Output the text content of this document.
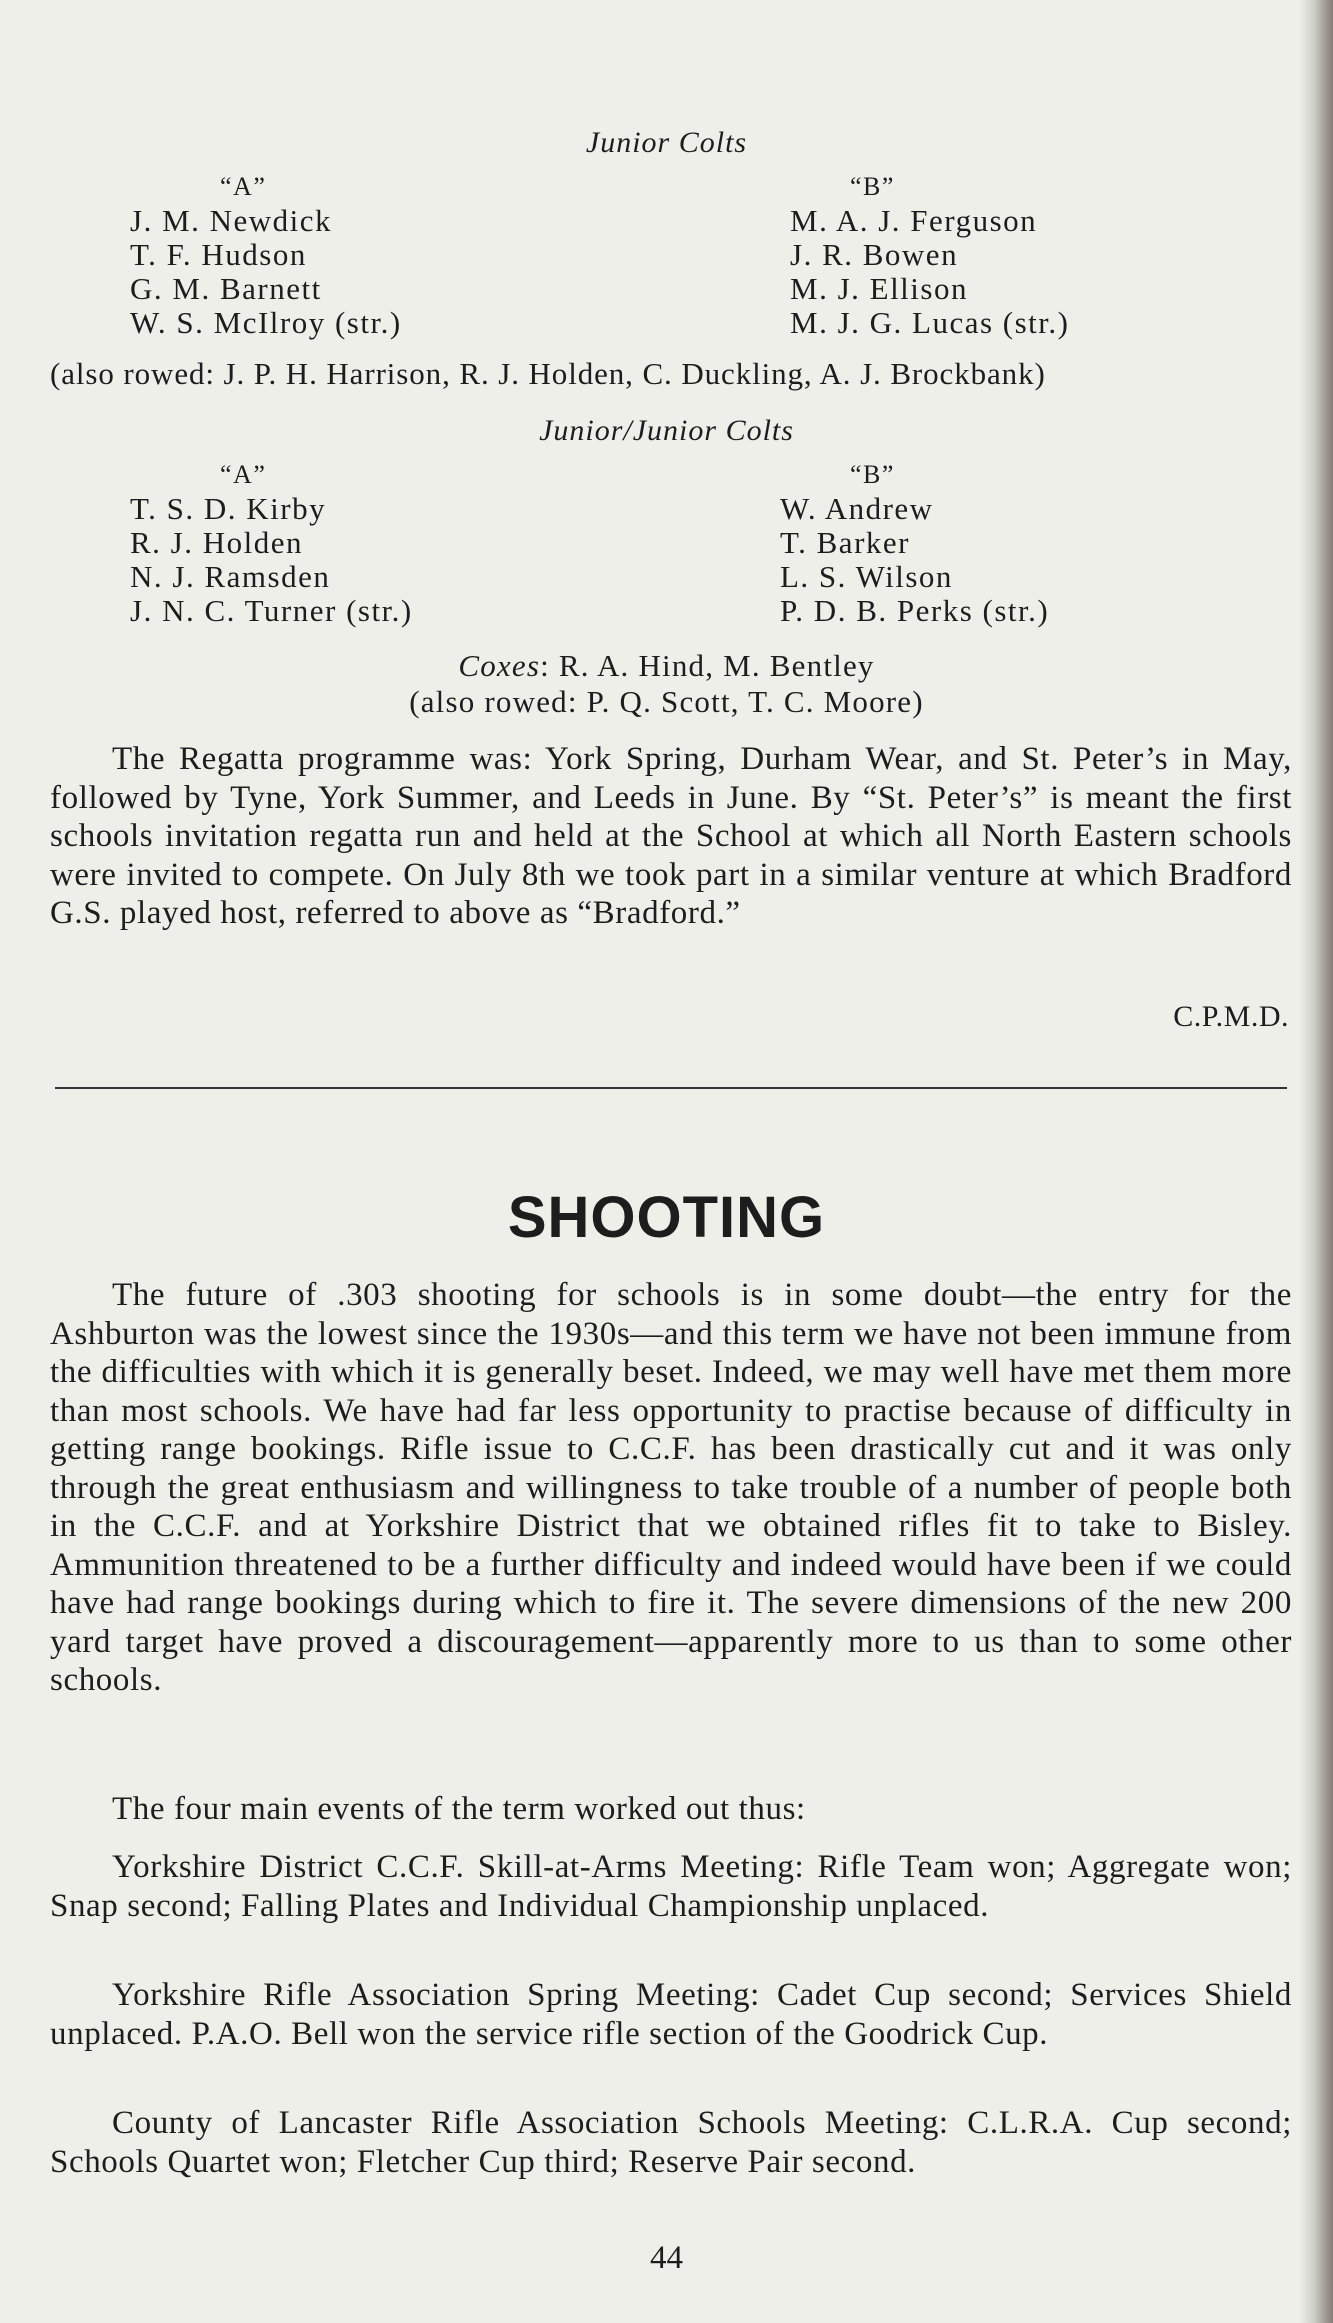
Junior Colts
“A”
J. M. Newdick
T. F. Hudson
G. M. Barnett
W. S. McIlroy (str.)
“B”
M. A. J. Ferguson
J. R. Bowen
M. J. Ellison
M. J. G. Lucas (str.)
(also rowed: J. P. H. Harrison, R. J. Holden, C. Duckling, A. J. Brockbank)
Junior/Junior Colts
“A”
T. S. D. Kirby
R. J. Holden
N. J. Ramsden
J. N. C. Turner (str.)
“B”
W. Andrew
T. Barker
L. S. Wilson
P. D. B. Perks (str.)
Coxes: R. A. Hind, M. Bentley
(also rowed: P. Q. Scott, T. C. Moore)

The Regatta programme was: York Spring, Durham Wear, and St. Peter’s in May, followed by Tyne, York Summer, and Leeds in June. By “St. Peter’s” is meant the first schools invitation regatta run and held at the School at which all North Eastern schools were invited to compete. On July 8th we took part in a similar venture at which Bradford G.S. played host, referred to above as “Bradford.”

C.P.M.D.
SHOOTING

The future of .303 shooting for schools is in some doubt—the entry for the Ashburton was the lowest since the 1930s—and this term we have not been immune from the difficulties with which it is generally beset. Indeed, we may well have met them more than most schools. We have had far less opportunity to practise because of difficulty in getting range bookings. Rifle issue to C.C.F. has been drastically cut and it was only through the great enthusiasm and willingness to take trouble of a number of people both in the C.C.F. and at Yorkshire District that we obtained rifles fit to take to Bisley. Ammunition threatened to be a further difficulty and indeed would have been if we could have had range bookings during which to fire it. The severe dimensions of the new 200 yard target have proved a discouragement—apparently more to us than to some other schools.

The four main events of the term worked out thus:

Yorkshire District C.C.F. Skill-at-Arms Meeting: Rifle Team won; Aggregate won; Snap second; Falling Plates and Individual Championship unplaced.

Yorkshire Rifle Association Spring Meeting: Cadet Cup second; Services Shield unplaced. P.A.O. Bell won the service rifle section of the Goodrick Cup.

County of Lancaster Rifle Association Schools Meeting: C.L.R.A. Cup second; Schools Quartet won; Fletcher Cup third; Reserve Pair second.

44
